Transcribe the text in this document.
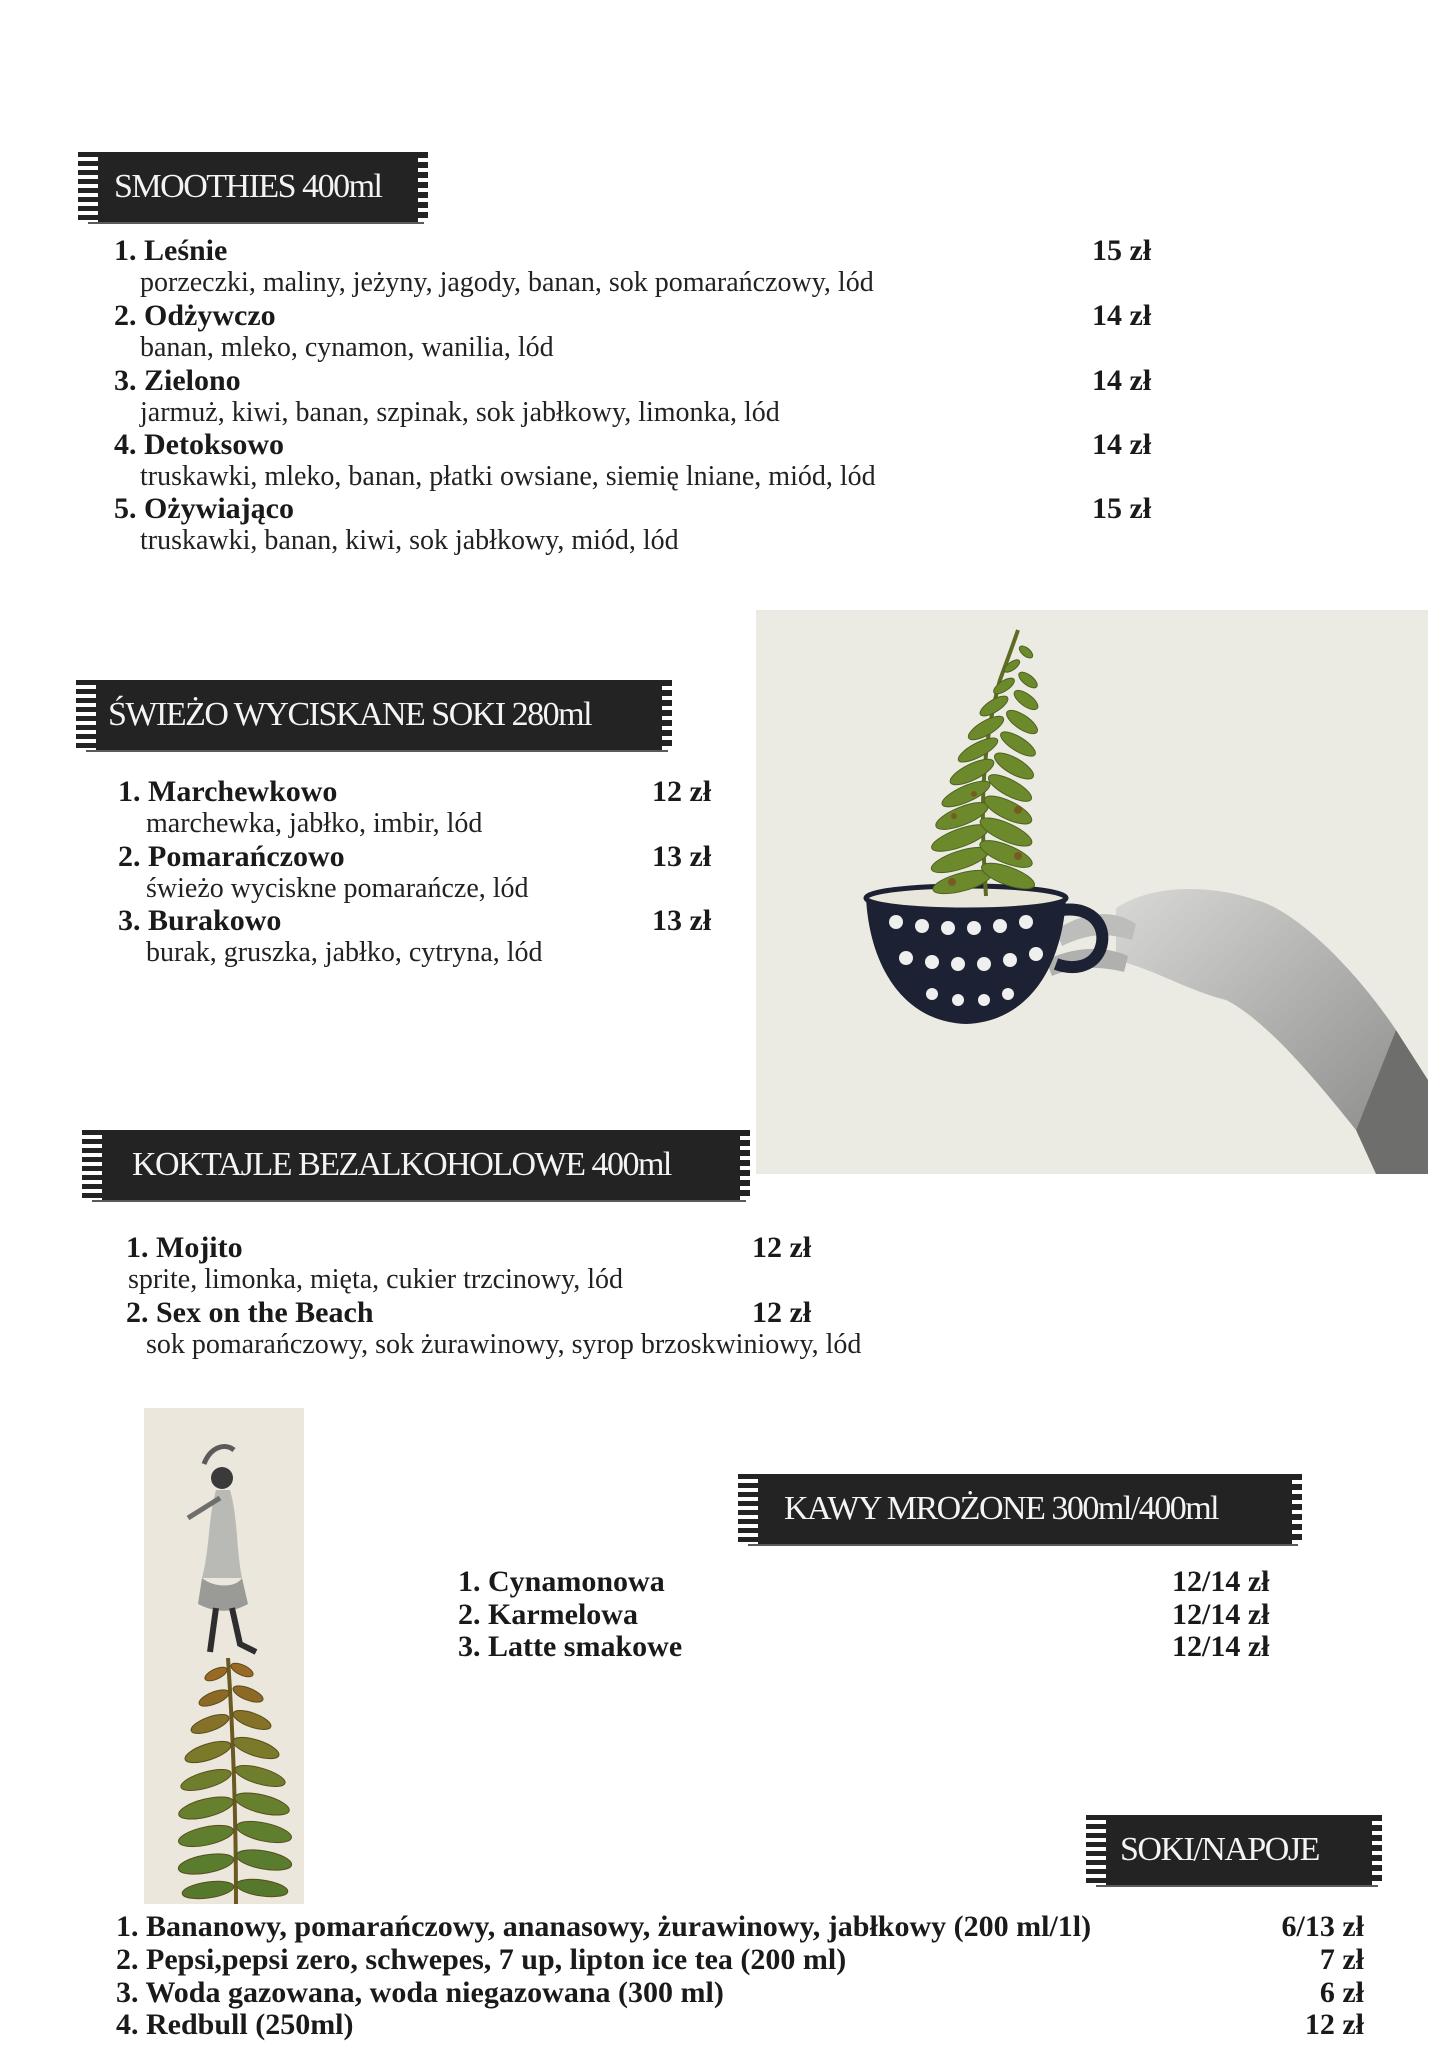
SMOOTHIES 400ml
1. Leśnie	15 zł
porzeczki, maliny, jeżyny, jagody, banan, sok pomarańczowy, lód
2. Odżywczo	14 zł
banan, mleko, cynamon, wanilia, lód
3. Zielono	14 zł
jarmuż, kiwi, banan, szpinak, sok jabłkowy, limonka, lód
4. Detoksowo	14 zł
truskawki, mleko, banan, płatki owsiane, siemię lniane, miód, lód
5. Ożywiająco	15 zł
truskawki, banan, kiwi, sok jabłkowy, miód, lód
ŚWIEŻO WYCISKANE SOKI 280ml
1. Marchewkowo	12 zł
marchewka, jabłko, imbir, lód
2. Pomarańczowo	13 zł
świeżo wyciskne pomarańcze, lód
3. Burakowo	13 zł
burak, gruszka, jabłko, cytryna, lód
KOKTAJLE BEZALKOHOLOWE 400ml
1. Mojito	12 zł
sprite, limonka, mięta, cukier trzcinowy, lód
2. Sex on the Beach	12 zł
sok pomarańczowy, sok żurawinowy, syrop brzoskwiniowy, lód
KAWY MROŻONE 300ml/400ml
1. Cynamonowa	12/14 zł
2. Karmelowa	12/14 zł
3. Latte smakowe	12/14 zł
SOKI/NAPOJE
1. Bananowy, pomarańczowy, ananasowy, żurawinowy, jabłkowy (200 ml/1l)	6/13 zł
2. Pepsi,pepsi zero, schwepes, 7 up, lipton ice tea (200 ml)	7 zł
3. Woda gazowana, woda niegazowana (300 ml)	6 zł
4. Redbull (250ml)	12 zł
